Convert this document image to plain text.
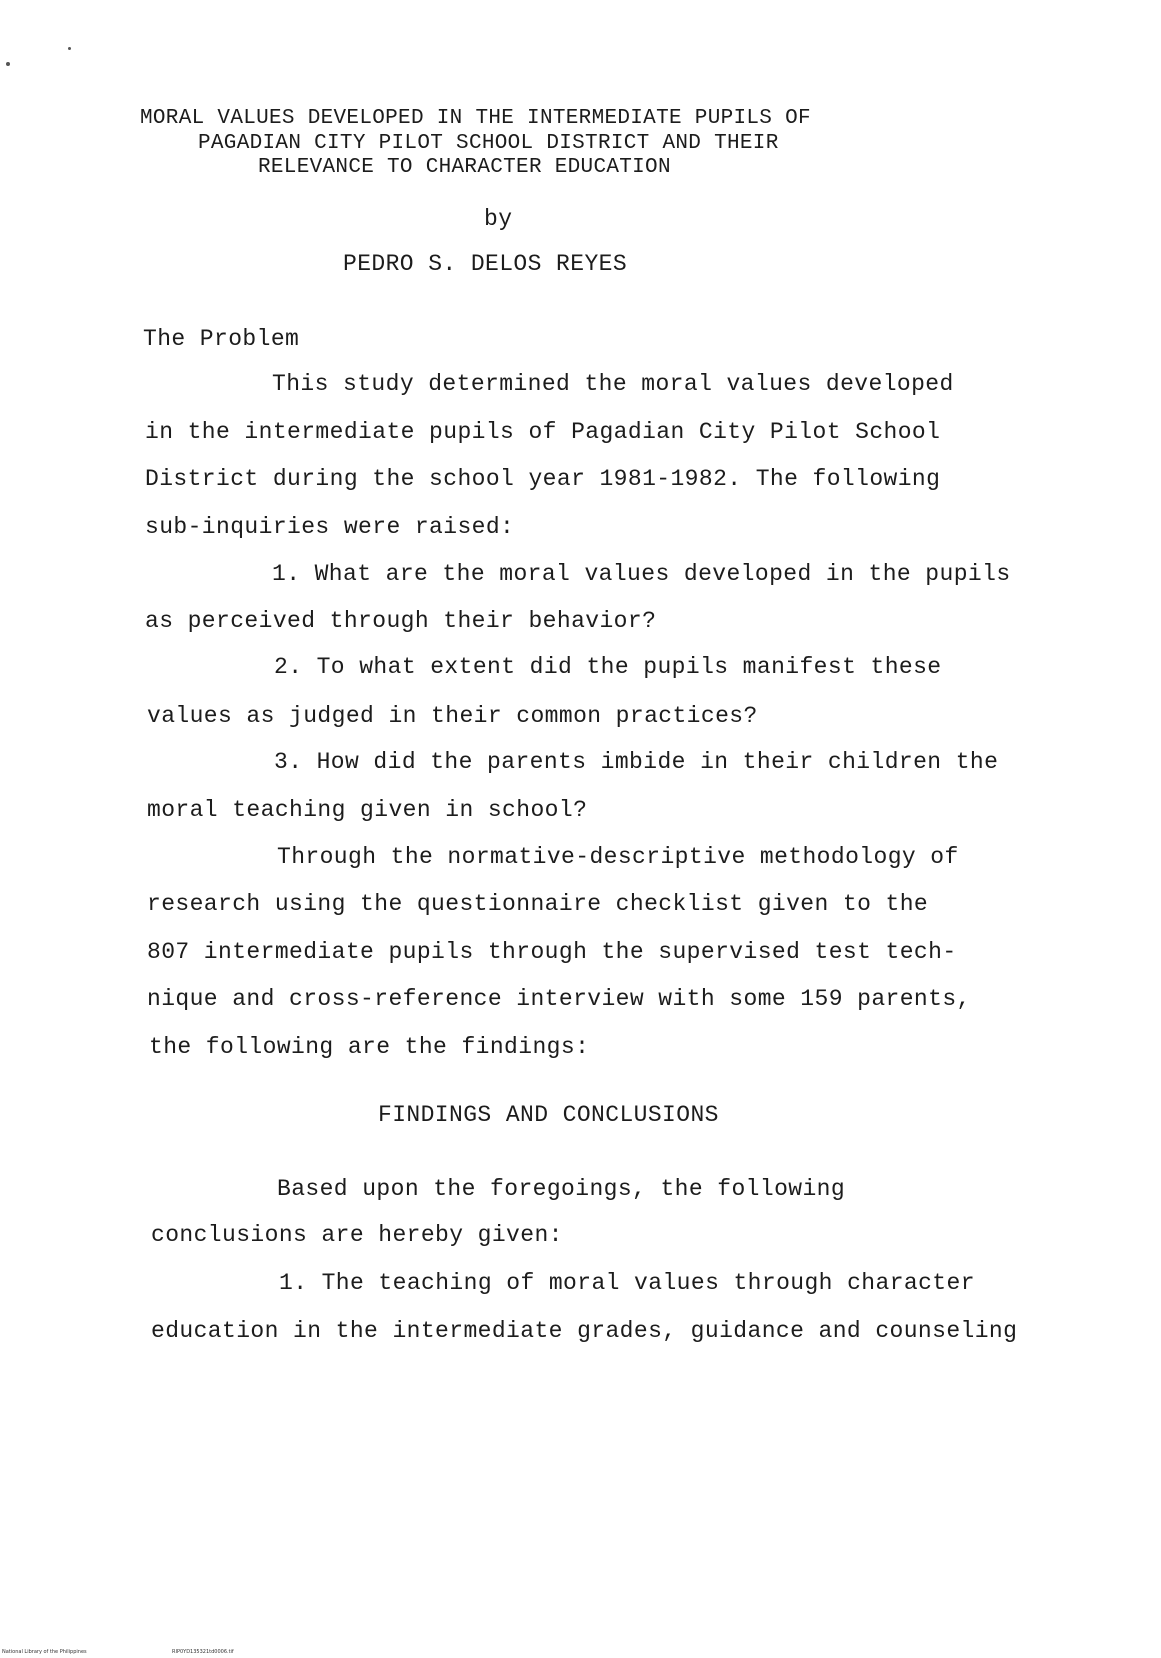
MORAL VALUES DEVELOPED IN THE INTERMEDIATE PUPILS OF
PAGADIAN CITY PILOT SCHOOL DISTRICT AND THEIR
RELEVANCE TO CHARACTER EDUCATION
by
PEDRO S. DELOS REYES
The Problem
This study determined the moral values developed
in the intermediate pupils of Pagadian City Pilot School
District during the school year 1981-1982. The following
sub-inquiries were raised:
1. What are the moral values developed in the pupils
as perceived through their behavior?
2. To what extent did the pupils manifest these
values as judged in their common practices?
3. How did the parents imbide in their children the
moral teaching given in school?
Through the normative-descriptive methodology of
research using the questionnaire checklist given to the
807 intermediate pupils through the supervised test tech-
nique and cross-reference interview with some 159 parents,
the following are the findings:
FINDINGS AND CONCLUSIONS
Based upon the foregoings, the following
conclusions are hereby given:
1. The teaching of moral values through character
education in the intermediate grades, guidance and counseling
National Library of the Philippines	RIP0YD135321td0006.tif
